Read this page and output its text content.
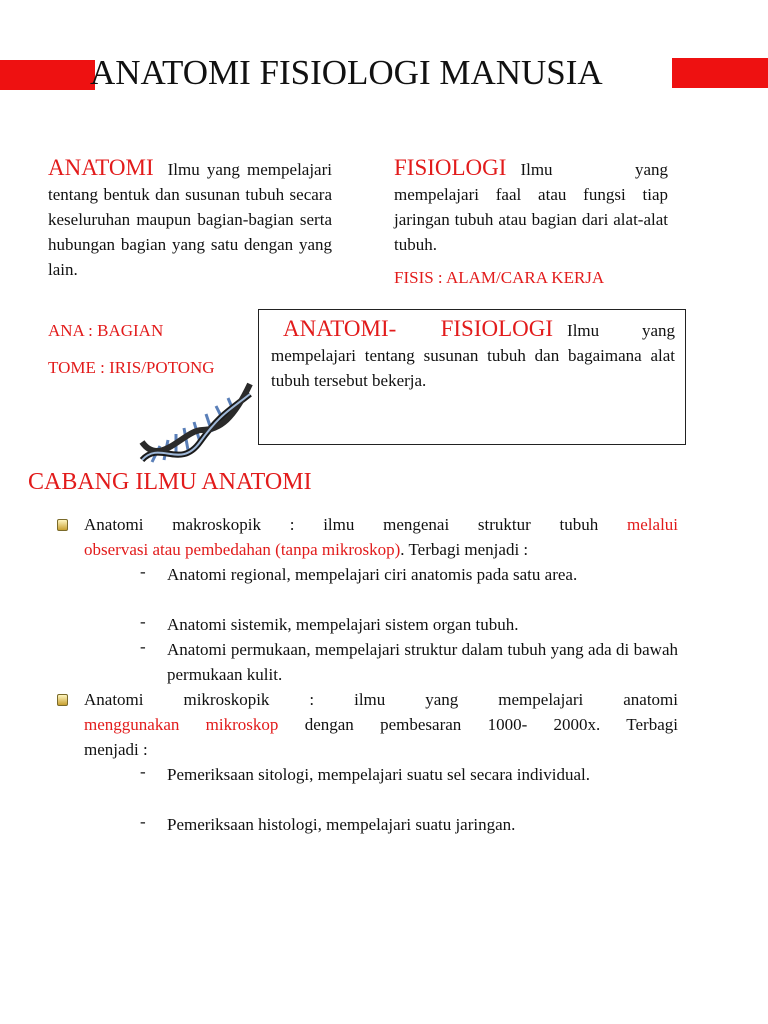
ANATOMI FISIOLOGI MANUSIA
ANATOMI Ilmu yang mempelajari tentang bentuk dan susunan tubuh secara keseluruhan maupun bagian-bagian serta hubungan bagian yang satu dengan yang lain.
ANA : BAGIAN
TOME : IRIS/POTONG
FISIOLOGI Ilmu yang mempelajari faal atau fungsi tiap jaringan tubuh atau bagian dari alat-alat tubuh.
FISIS : ALAM/CARA KERJA
ANATOMI- FISIOLOGI Ilmu yang mempelajari tentang susunan tubuh dan bagaimana alat tubuh tersebut bekerja.
CABANG ILMU ANATOMI
Anatomi makroskopik : ilmu mengenai struktur tubuh melalui
observasi atau pembedahan (tanpa mikroskop). Terbagi menjadi :
- Anatomi regional, mempelajari ciri anatomis pada satu area.
- Anatomi sistemik, mempelajari sistem organ tubuh.
- Anatomi permukaan, mempelajari struktur dalam tubuh yang ada di bawah permukaan kulit.
Anatomi mikroskopik : ilmu yang mempelajari anatomi
menggunakan mikroskop dengan pembesaran 1000- 2000x. Terbagi
menjadi :
- Pemeriksaan sitologi, mempelajari suatu sel secara individual.
- Pemeriksaan histologi, mempelajari suatu jaringan.
